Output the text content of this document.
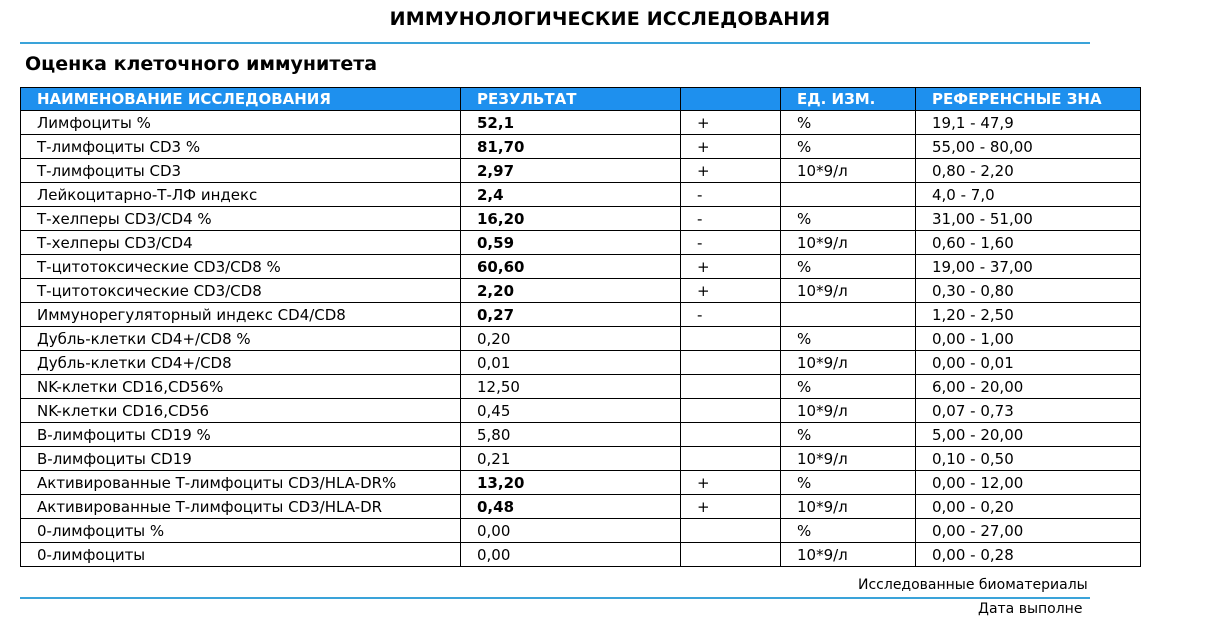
ИММУНОЛОГИЧЕСКИЕ ИССЛЕДОВАНИЯ
Оценка клеточного иммунитета
НАИМЕНОВАНИЕ ИССЛЕДОВАНИЯ	РЕЗУЛЬТАТ		ЕД. ИЗМ.	РЕФЕРЕНСНЫЕ ЗНА
Лимфоциты %	52,1	+	%	19,1 - 47,9
Т-лимфоциты CD3 %	81,70	+	%	55,00 - 80,00
Т-лимфоциты CD3	2,97	+	10*9/л	0,80 - 2,20
Лейкоцитарно-Т-ЛФ индекс	2,4	-		4,0 - 7,0
Т-хелперы CD3/CD4 %	16,20	-	%	31,00 - 51,00
Т-хелперы CD3/CD4	0,59	-	10*9/л	0,60 - 1,60
Т-цитотоксические CD3/CD8 %	60,60	+	%	19,00 - 37,00
Т-цитотоксические CD3/CD8	2,20	+	10*9/л	0,30 - 0,80
Иммунорегуляторный индекс CD4/CD8	0,27	-		1,20 - 2,50
Дубль-клетки CD4+/CD8 %	0,20		%	0,00 - 1,00
Дубль-клетки CD4+/CD8	0,01		10*9/л	0,00 - 0,01
NK-клетки CD16,CD56%	12,50		%	6,00 - 20,00
NK-клетки CD16,CD56	0,45		10*9/л	0,07 - 0,73
В-лимфоциты CD19 %	5,80		%	5,00 - 20,00
В-лимфоциты CD19	0,21		10*9/л	0,10 - 0,50
Активированные Т-лимфоциты CD3/HLA-DR%	13,20	+	%	0,00 - 12,00
Активированные Т-лимфоциты CD3/HLA-DR	0,48	+	10*9/л	0,00 - 0,20
0-лимфоциты %	0,00		%	0,00 - 27,00
0-лимфоциты	0,00		10*9/л	0,00 - 0,28
Исследованные биоматериалы
Дата выполне
